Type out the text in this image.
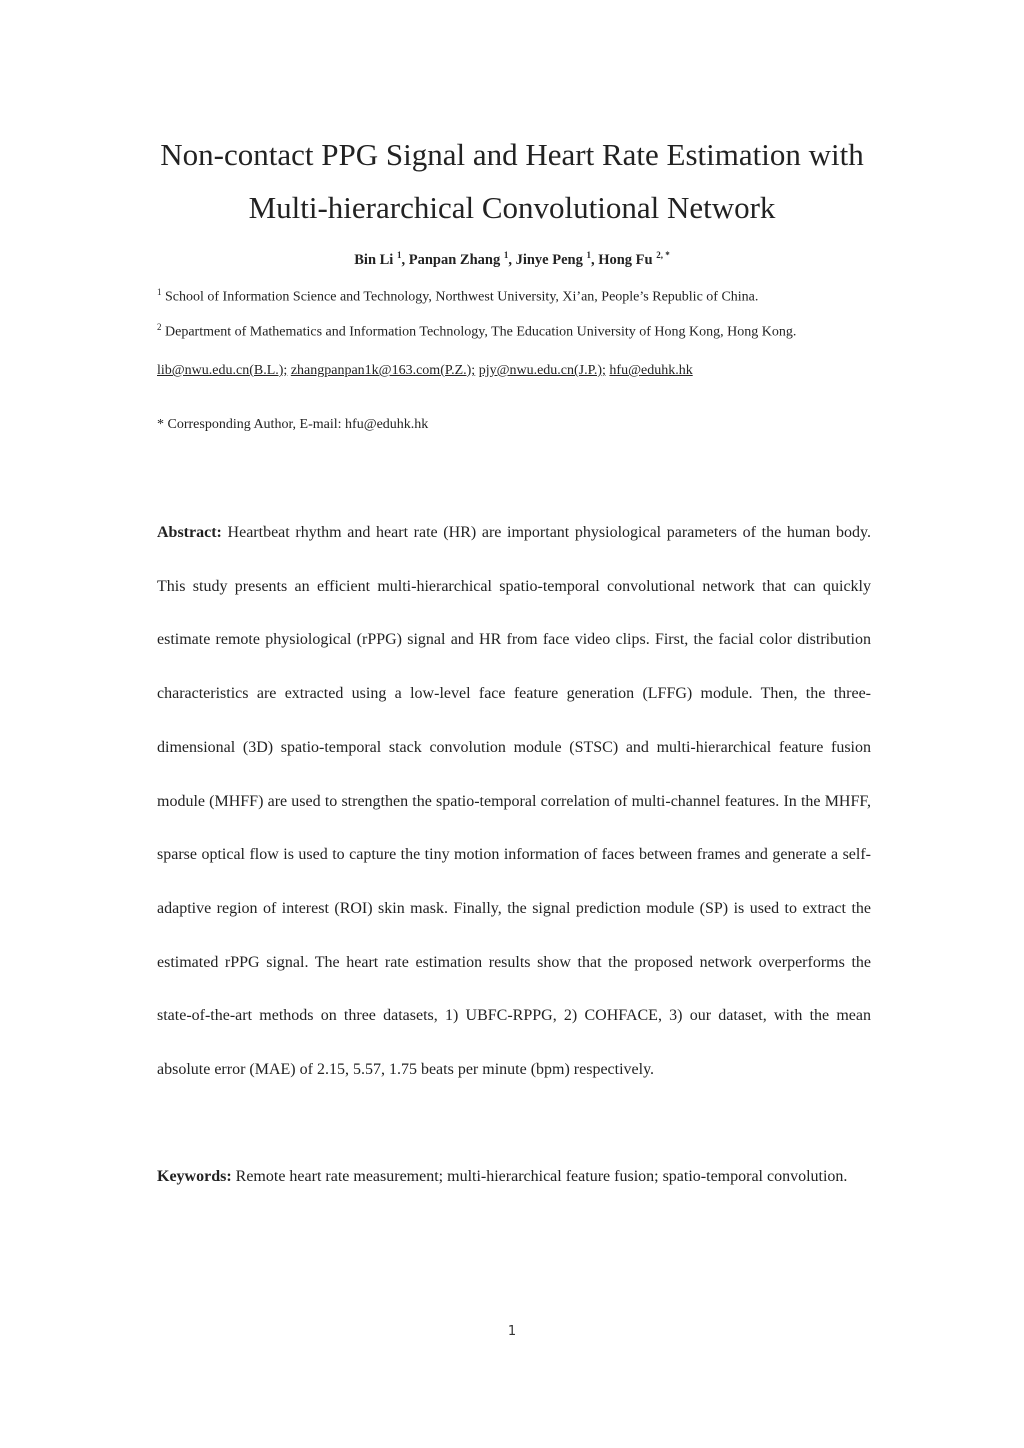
Non-contact PPG Signal and Heart Rate Estimation with
Multi-hierarchical Convolutional Network
Bin Li $^1$, Panpan Zhang $^1$, Jinye Peng $^1$, Hong Fu $^{2, *}$
$^1$ School of Information Science and Technology, Northwest University, Xi’an, People’s Republic of China.
$^2$ Department of Mathematics and Information Technology, The Education University of Hong Kong, Hong Kong.
lib@nwu.edu.cn(B.L.); zhangpanpan1k@163.com(P.Z.); pjy@nwu.edu.cn(J.P.); hfu@eduhk.hk
* Corresponding Author, E-mail: hfu@eduhk.hk
Abstract: Heartbeat rhythm and heart rate (HR) are important physiological parameters of the human body. This study presents an efficient multi-hierarchical spatio-temporal convolutional network that can quickly estimate remote physiological (rPPG) signal and HR from face video clips. First, the facial color distribution characteristics are extracted using a low-level face feature generation (LFFG) module. Then, the three-dimensional (3D) spatio-temporal stack convolution module (STSC) and multi-hierarchical feature fusion module (MHFF) are used to strengthen the spatio-temporal correlation of multi-channel features. In the MHFF, sparse optical flow is used to capture the tiny motion information of faces between frames and generate a self-adaptive region of interest (ROI) skin mask. Finally, the signal prediction module (SP) is used to extract the estimated rPPG signal. The heart rate estimation results show that the proposed network overperforms the state-of-the-art methods on three datasets, 1) UBFC-RPPG, 2) COHFACE, 3) our dataset, with the mean absolute error (MAE) of 2.15, 5.57, 1.75 beats per minute (bpm) respectively.
Keywords: Remote heart rate measurement; multi-hierarchical feature fusion; spatio-temporal convolution.
1
